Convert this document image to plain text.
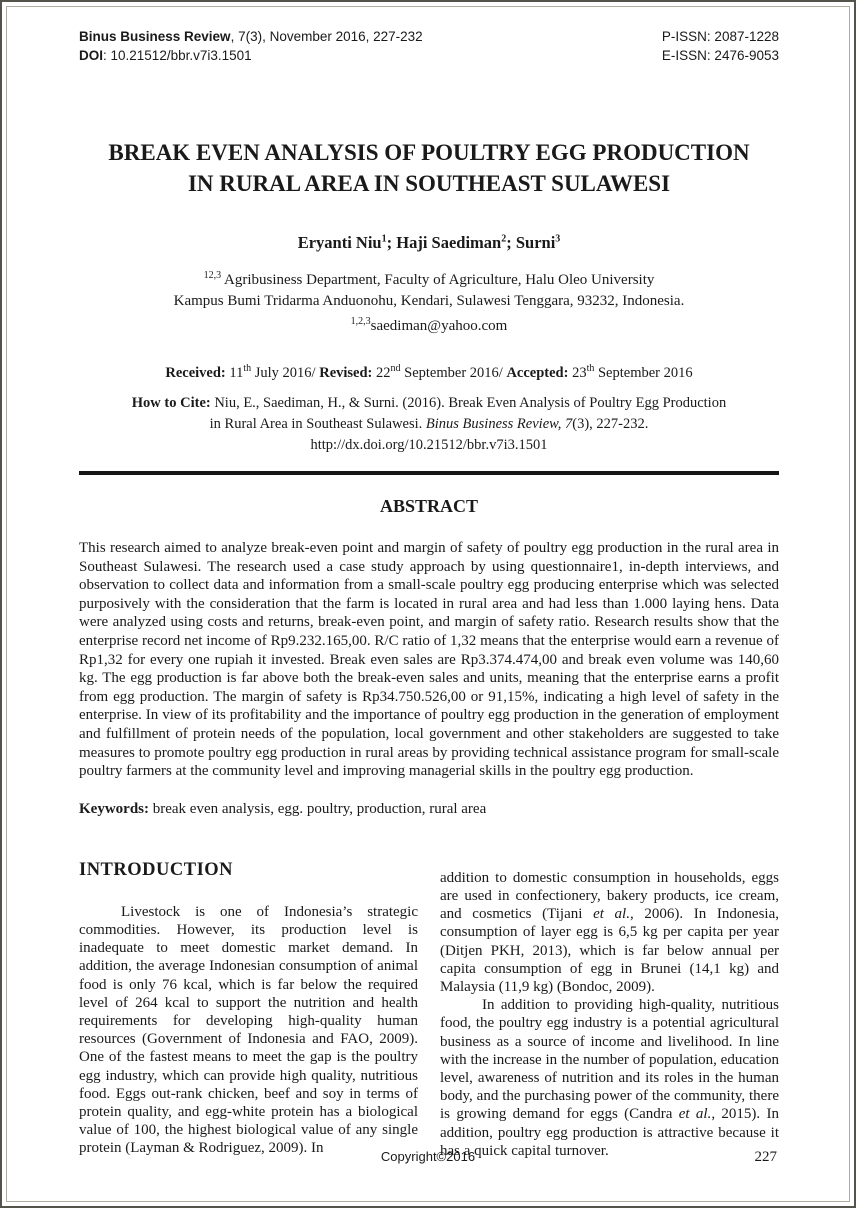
Binus Business Review, 7(3), November 2016, 227-232
DOI: 10.21512/bbr.v7i3.1501
P-ISSN: 2087-1228
E-ISSN: 2476-9053
BREAK EVEN ANALYSIS OF POULTRY EGG PRODUCTION
IN RURAL AREA IN SOUTHEAST SULAWESI
Eryanti Niu$^1$; Haji Saediman$^2$; Surni$^3$
$^{12,3}$ Agribusiness Department, Faculty of Agriculture, Halu Oleo University
Kampus Bumi Tridarma Anduonohu, Kendari, Sulawesi Tenggara, 93232, Indonesia.
$^{1,2,3}$saediman@yahoo.com
Received: 11th July 2016/ Revised: 22nd September 2016/ Accepted: 23th September 2016
How to Cite: Niu, E., Saediman, H., & Surni. (2016). Break Even Analysis of Poultry Egg Production
in Rural Area in Southeast Sulawesi. Binus Business Review, 7(3), 227-232.
http://dx.doi.org/10.21512/bbr.v7i3.1501
ABSTRACT

This research aimed to analyze break-even point and margin of safety of poultry egg production in the rural area in Southeast Sulawesi. The research used a case study approach by using questionnaire1, in-depth interviews, and observation to collect data and information from a small-scale poultry egg producing enterprise which was selected purposively with the consideration that the farm is located in rural area and had less than 1.000 laying hens. Data were analyzed using costs and returns, break-even point, and margin of safety ratio. Research results show that the enterprise record net income of Rp9.232.165,00. R/C ratio of 1,32 means that the enterprise would earn a revenue of Rp1,32 for every one rupiah it invested. Break even sales are Rp3.374.474,00 and break even volume was 140,60 kg. The egg production is far above both the break-even sales and units, meaning that the enterprise earns a profit from egg production. The margin of safety is Rp34.750.526,00 or 91,15%, indicating a high level of safety in the enterprise. In view of its profitability and the importance of poultry egg production in the generation of employment and fulfillment of protein needs of the population, local government and other stakeholders are suggested to take measures to promote poultry egg production in rural areas by providing technical assistance program for small-scale poultry farmers at the community level and improving managerial skills in the poultry egg production.

Keywords: break even analysis, egg. poultry, production, rural area
INTRODUCTION

Livestock is one of Indonesia’s strategic commodities. However, its production level is inadequate to meet domestic market demand. In addition, the average Indonesian consumption of animal food is only 76 kcal, which is far below the required level of 264 kcal to support the nutrition and health requirements for developing high-quality human resources (Government of Indonesia and FAO, 2009). One of the fastest means to meet the gap is the poultry egg industry, which can provide high quality, nutritious food. Eggs out-rank chicken, beef and soy in terms of protein quality, and egg-white protein has a biological value of 100, the highest biological value of any single protein (Layman & Rodriguez, 2009). In

addition to domestic consumption in households, eggs are used in confectionery, bakery products, ice cream, and cosmetics (Tijani et al., 2006). In Indonesia, consumption of layer egg is 6,5 kg per capita per year (Ditjen PKH, 2013), which is far below annual per capita consumption of egg in Brunei (14,1 kg) and Malaysia (11,9 kg) (Bondoc, 2009).

In addition to providing high-quality, nutritious food, the poultry egg industry is a potential agricultural business as a source of income and livelihood. In line with the increase in the number of population, education level, awareness of nutrition and its roles in the human body, and the purchasing power of the community, there is growing demand for eggs (Candra et al., 2015). In addition, poultry egg production is attractive because it has a quick capital turnover.

Copyright©2016	227
